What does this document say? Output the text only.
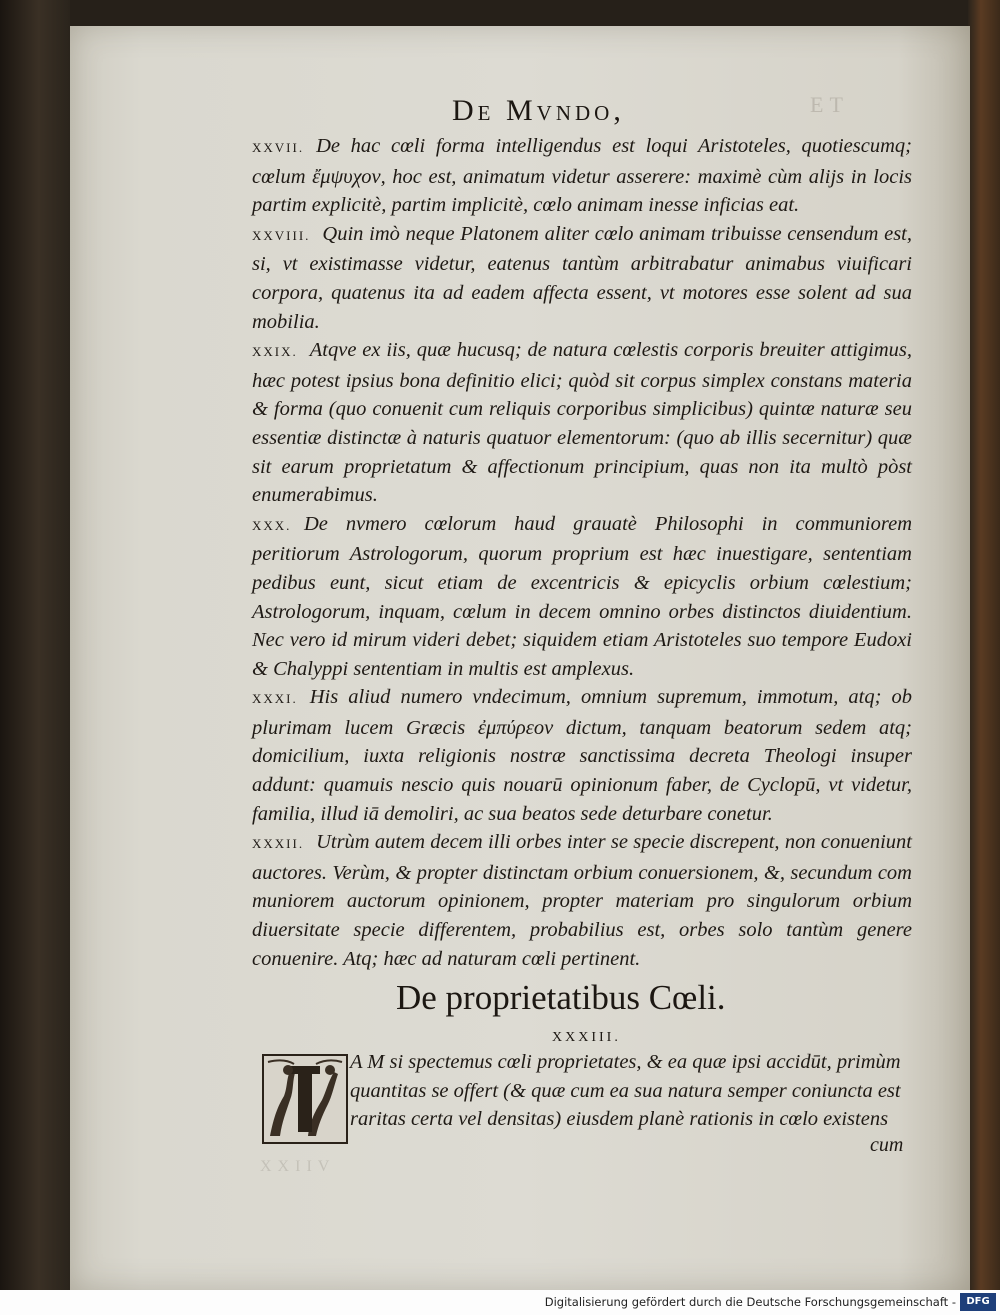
ET
De Mvndo,

XXVII. De hac cœli forma intelligendus est loqui Aristoteles, quotiescumq; cœlum ἔμψυχον, hoc est, animatum videtur asserere: maximè cùm alijs in locis partim explicitè, partim implicitè, cœlo animam inesse inficias eat.

XXVIII. Quin imò neque Platonem aliter cœlo animam tribuisse censendum est, si, vt existimasse videtur, eatenus tantùm arbitrabatur animabus viuificari corpora, quatenus ita ad eadem affecta essent, vt motores esse solent ad sua mobilia.

XXIX. Atqve ex iis, quæ hucusq; de natura cœlestis corporis breuiter attigimus, hæc potest ipsius bona definitio elici; quòd sit corpus simplex constans materia & forma (quo conuenit cum reliquis corporibus simplicibus) quintæ naturæ seu essentiæ distinctæ à naturis quatuor elementorum: (quo ab illis secernitur) quæ sit earum proprietatum & affectionum principium, quas non ita multò pòst enumerabimus.

XXX. De nvmero cœlorum haud grauatè Philosophi in communiorem peritiorum Astrologorum, quorum proprium est hæc inuestigare, sententiam pedibus eunt, sicut etiam de excentricis & epicyclis orbium cœlestium; Astrologorum, inquam, cœlum in decem omnino orbes distinctos diuidentium. Nec vero id mirum videri debet; siquidem etiam Aristoteles suo tempore Eudoxi & Chalyppi sententiam in multis est amplexus.

XXXI. His aliud numero vndecimum, omnium supremum, immotum, atq; ob plurimam lucem Græcis ἐμπύρεον dictum, tanquam beatorum sedem atq; domicilium, iuxta religionis nostræ sanctissima decreta Theologi insuper addunt: quamuis nescio quis nouarū opinionum faber, de Cyclopū, vt videtur, familia, illud iā demoliri, ac sua beatos sede deturbare conetur.

XXXII. Utrùm autem decem illi orbes inter se specie discrepent, non conueniunt auctores. Verùm, & propter distinctam orbium conuersionem, &, secundum com muniorem auctorum opinionem, propter materiam pro singulorum orbium diuersitate specie differentem, probabilius est, orbes solo tantùm genere conuenire. Atq; hæc ad naturam cœli pertinent.

De proprietatibus Cœli.
XXXIII.
A M si spectemus cœli proprietates, & ea quæ ipsi accidūt, primùm quantitas se offert (& quæ cum ea sua natura semper coniuncta est raritas certa vel densitas) eiusdem planè rationis in cœlo existens
cum
XXIIV
Digitalisierung gefördert durch die Deutsche Forschungsgemeinschaft -	DFG
